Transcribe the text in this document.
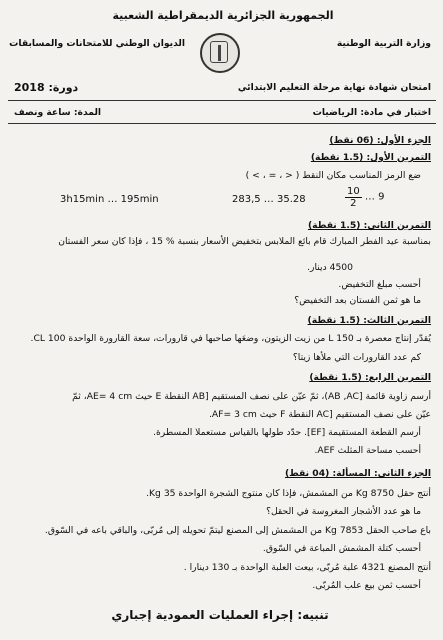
الجمهورية الجزائرية الديمقراطية الشعبية
وزارة التربية الوطنية
الديوان الوطني للامتحانات والمسابقات
امتحان شهادة نهاية مرحلة التعليم الابتدائي
2018 دورة:
اختبار في مادة: الرياضيات
المدة: ساعة ونصف
الجزء الأول: (06 نقط)
التمرين الأول: (1.5 نقطة)
ضع الرمز المناسب مكان النقط ( < ، = ، > )
3h15min … 195min	283,5 … 35.28	$\frac{10}{2}$ … 9
التمرين الثاني: (1.5 نقطة)
بمناسبة عيد الفطر المبارك قام بائع الملابس بتخفيض الأسعار بنسبة % 15 ، فإذا كان سعر الفستان
4500 دينار.
أحسب مبلغ التخفيض.
ما هو ثمن الفستان بعد التخفيض؟
التمرين الثالث: (1.5 نقطة)
يُقدّر إنتاج معصرة بـ 150 L من زيت الزيتون، وضعَها صاحبها في قارورات، سعة القارورة الواحدة 100 CL.
كم عدد القارورات التي ملأها زيتا؟
التمرين الرابع: (1.5 نقطة)
أرسم زاوية قائمة [AB ,AC)، ثمّ عيّن على نصف المستقيم [AB النقطة E حيث AE= 4 cm، ثمّ
عيّن على نصف المستقيم [AC النقطة F حيث AF= 3 cm.
أرسم القطعة المستقيمة [EF]. حدّد طولها بالقياس مستعملا المسطرة.
أحسب مساحة المثلث AEF.
الجزء الثاني: المسألة: (04 نقط)
أنتج حقل 8750 Kg من المشمش، فإذا كان منتوج الشجرة الواحدة 35 Kg.
ما هو عدد الأشجار المغروسة في الحقل؟
باع صاحب الحقل 7853 Kg من المشمش إلى المصنع ليتمّ تحويله إلى مُربّى، والباقي باعه في السّوق.
أحسب كتلة المشمش المباعة في السّوق.
أنتج المصنع 4321 علبة مُربّى، بيعت العلبة الواحدة بـ 130 دينارا .
أحسب ثمن بيع علب المُربّى.
تنبيه: إجراء العمليات العمودية إجباري
